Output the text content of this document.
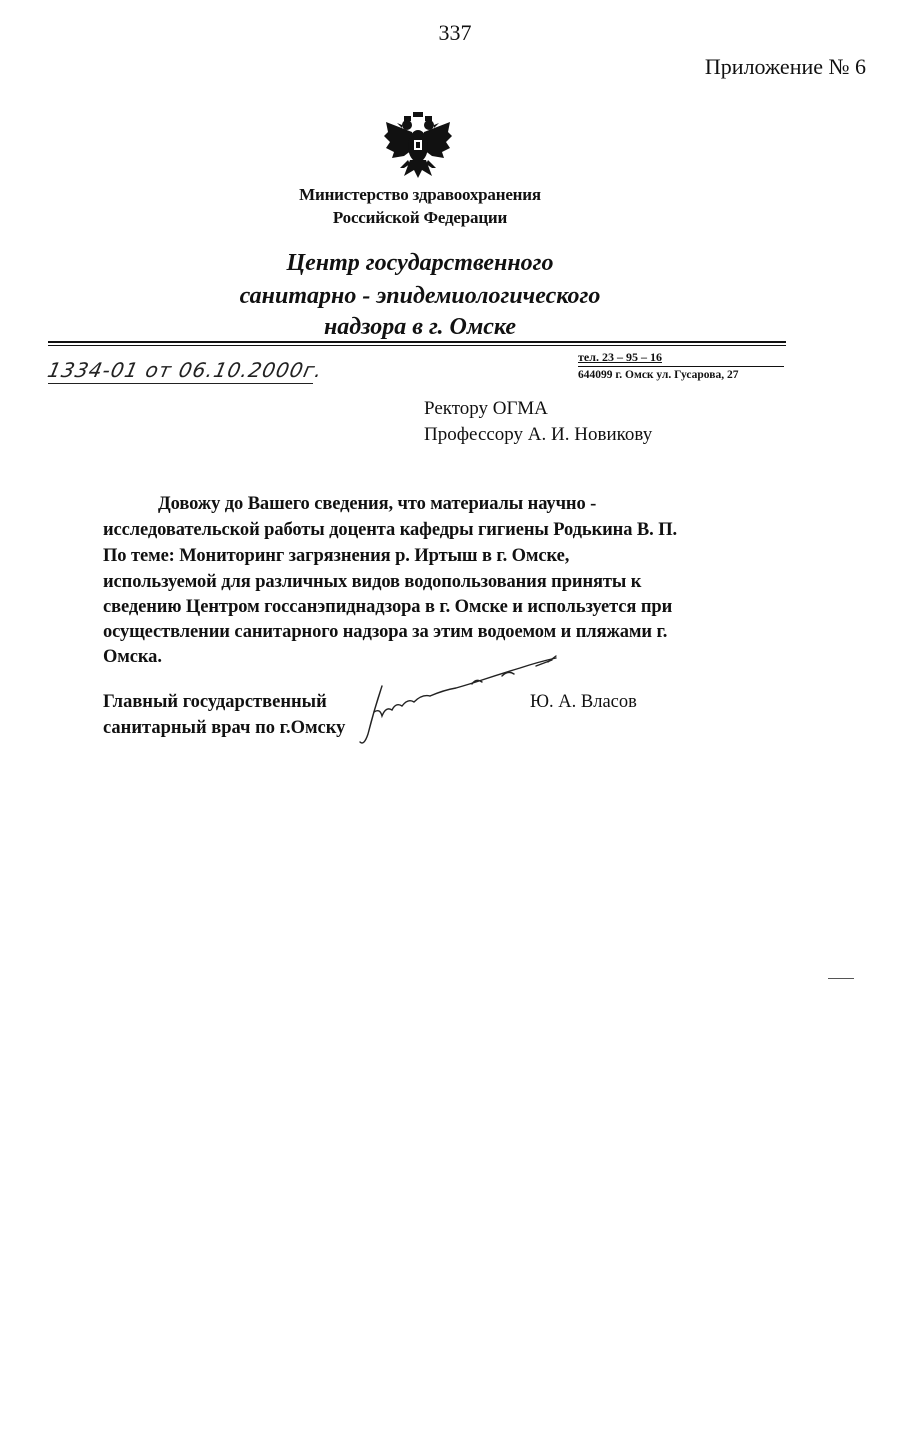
337
Приложение № 6
Министерство здравоохранения
Российской Федерации
Центр государственного
санитарно - эпидемиологического
надзора в г. Омске
1334-01 от 06.10.2000г.
тел. 23 – 95 – 16
644099 г. Омск ул. Гусарова, 27
Ректору ОГМА
Профессору А. И. Новикову
Довожу до Вашего сведения, что материалы научно -
исследовательской работы доцента кафедры гигиены Родькина В. П.
По теме: Мониторинг загрязнения р. Иртыш в г. Омске,
используемой для различных видов водопользования приняты к
сведению Центром госсанэпиднадзора в г. Омске и используется при
осуществлении санитарного надзора за этим водоемом и пляжами г.
Омска.
Главный государственный
санитарный врач по г.Омску
Ю. А. Власов
